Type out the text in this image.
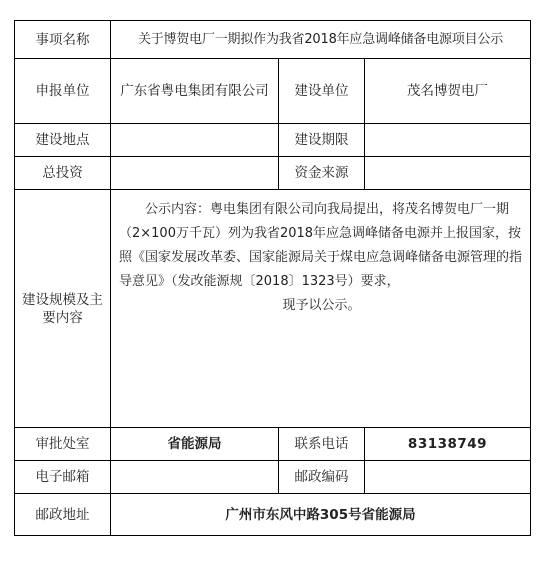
事项名称	关于博贺电厂一期拟作为我省2018年应急调峰储备电源项目公示		
申报单位	广东省粤电集团有限公司	建设单位	茂名博贺电厂
建设地点		建设期限	
总投资		资金来源	
建设规模及主要内容	公示内容：粤电集团有限公司向我局提出，将茂名博贺电厂一期（2×100万千瓦）列为我省2018年应急调峰储备电源并上报国家，按照《国家发展改革委、国家能源局关于煤电应急调峰储备电源管理的指导意见》（发改能源规〔2018〕1323号）要求，
现予以公示。		

审批处室	省能源局	联系电话	83138749
电子邮箱		邮政编码	
邮政地址	广州市东风中路305号省能源局		
